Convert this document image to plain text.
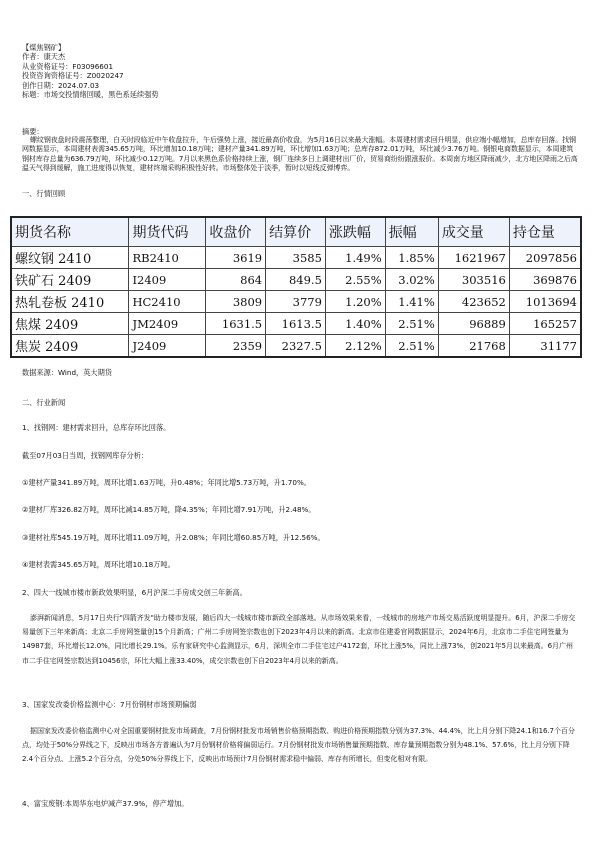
【煤焦钢矿】
作者：康天杰
从业资格证号：F03096601
投资咨询资格证号：Z0020247
创作日期：2024.07.03
标题：市场交投情绪回暖，黑色系延续强势
摘要：
螺纹钢夜盘时段震荡整理，白天时段临近中午收盘拉升，午后强势上涨，接近最高价收盘，为5月16日以来最大涨幅。本周建材需求回升明显，供应端小幅增加，总库存回落。找钢网数据显示，本周建材表需345.65万吨，环比增加10.18万吨；建材产量341.89万吨，环比增加1.63万吨；总库存872.01万吨，环比减少3.76万吨。钢银电商数据显示，本周建筑钢材库存总量为636.79万吨，环比减少0.12万吨。7月以来黑色系价格持续上涨，钢厂连续多日上调建材出厂价，贸易商纷纷跟涨报价。本周南方地区降雨减少，北方地区降雨之后高温天气得到缓解，施工进度得以恢复，建材终端采购积极性好转。市场整体处于淡季，暂时以短线反弹博弈。
一、行情回顾
期货名称	期货代码	收盘价	结算价	涨跌幅	振幅	成交量	持仓量
螺纹钢 2410	RB2410	3619	3585	1.49%	1.85%	1621967	2097856
铁矿石 2409	I2409	864	849.5	2.55%	3.02%	303516	369876
热轧卷板 2410	HC2410	3809	3779	1.20%	1.41%	423652	1013694
焦煤 2409	JM2409	1631.5	1613.5	1.40%	2.51%	96889	165257
焦炭 2409	J2409	2359	2327.5	2.12%	2.51%	21768	31177
数据来源：Wind，英大期货
二、行业新闻
1、找钢网：建材需求回升，总库存环比回落。
截至07月03日当周，找钢网库存分析：
①建材产量341.89万吨，周环比增1.63万吨，升0.48%；年同比增5.73万吨，升1.70%。
②建材厂库326.82万吨，周环比减14.85万吨，降4.35%；年同比增7.91万吨，升2.48%。
③建材社库545.19万吨，周环比增11.09万吨，升2.08%；年同比增60.85万吨，升12.56%。
④建材表需345.65万吨，周环比增10.18万吨。
2、四大一线城市楼市新政效果明显，6月沪深二手房成交创三年新高。
澎湃新闻消息，5月17日央行"四箭齐发"助力楼市发展，随后四大一线城市楼市新政全部落地。从市场效果来看，一线城市的房地产市场交易活跃度明显提升。6月，沪深二手房交易量创下三年来新高；北京二手房网签量创15个月新高；广州二手房网签宗数也创下2023年4月以来的新高。北京市住建委官网数据显示，2024年6月，北京市二手住宅网签量为14987套，环比增长12.0%，同比增长29.1%。乐有家研究中心监测显示，6月，深圳全市二手住宅过户4172套，环比上涨5%，同比上涨73%，创2021年5月以来最高。6月广州市二手住宅网签宗数达到10456宗，环比大幅上涨33.40%，成交宗数也创下自2023年4月以来的新高。
3、国家发改委价格监测中心：7月份钢材市场预期偏弱
据国家发改委价格监测中心对全国重要钢材批发市场调查，7月份钢材批发市场销售价格预期指数、购进价格预期指数分别为37.3%、44.4%，比上月分别下降24.1和16.7个百分点，均处于50%分界线之下，反映出市场各方普遍认为7月份钢材价格将偏弱运行。7月份钢材批发市场销售量预期指数、库存量预期指数分别为48.1%、57.6%，比上月分别下降2.4个百分点、上涨5.2个百分点，分处50%分界线上下，反映出市场预计7月份钢材需求稳中偏弱、库存有所增长，但变化相对有限。
4、富宝废钢:本周华东电炉减产37.9%，停产增加。
